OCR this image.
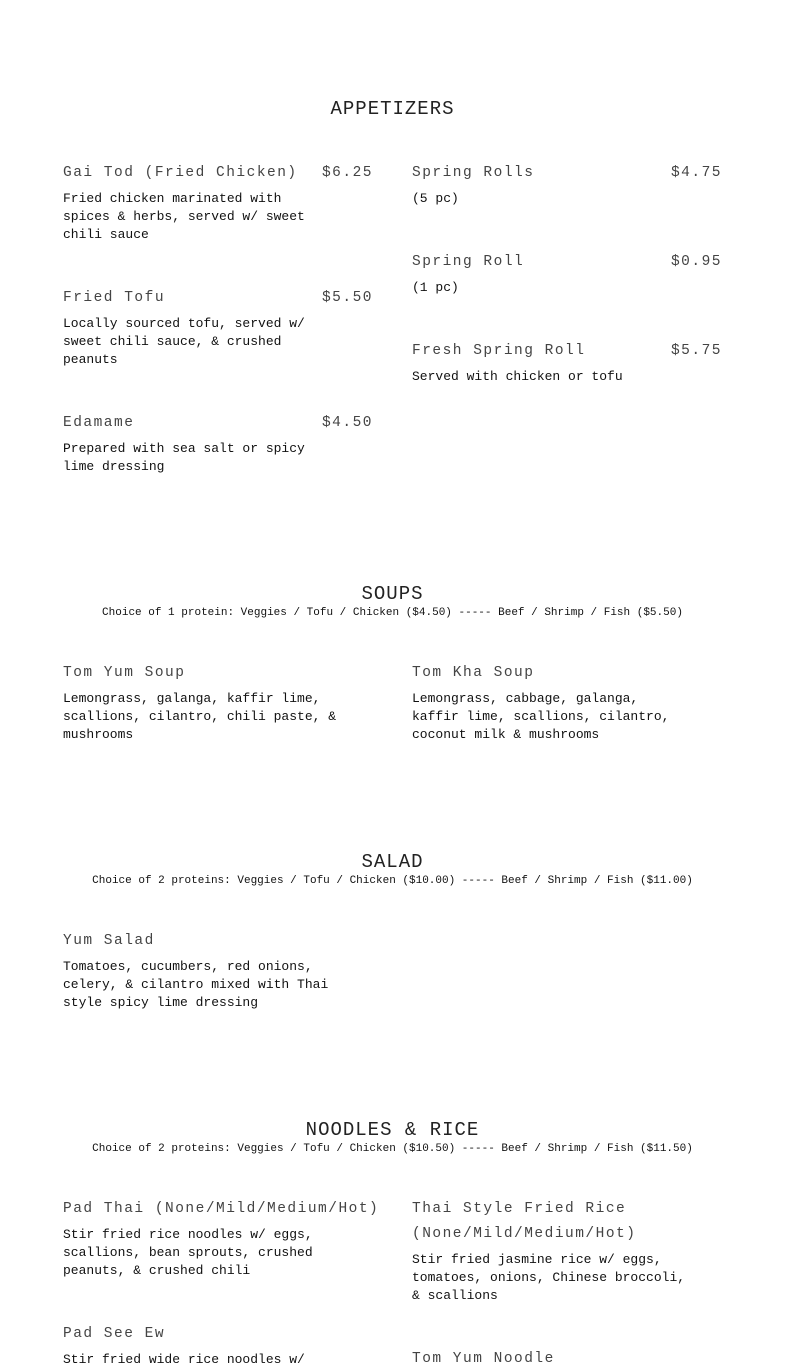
APPETIZERS
Gai Tod (Fried Chicken) $6.25
Fried chicken marinated with spices & herbs, served w/ sweet chili sauce
Fried Tofu	$5.50
Locally sourced tofu, served w/ sweet chili sauce, & crushed peanuts
Edamame	$4.50
Prepared with sea salt or spicy lime dressing
Spring Rolls	$4.75
(5 pc)
Spring Roll	$0.95
(1 pc)
Fresh Spring Roll	$5.75
Served with chicken or tofu
SOUPS
Choice of 1 protein: Veggies / Tofu / Chicken ($4.50) ----- Beef / Shrimp / Fish ($5.50)
Tom Yum Soup
Lemongrass, galanga, kaffir lime, scallions, cilantro, chili paste, & mushrooms
Tom Kha Soup
Lemongrass, cabbage, galanga, kaffir lime, scallions, cilantro, coconut milk & mushrooms
SALAD
Choice of 2 proteins: Veggies / Tofu / Chicken ($10.00) ----- Beef / Shrimp / Fish ($11.00)
Yum Salad
Tomatoes, cucumbers, red onions, celery, & cilantro mixed with Thai style spicy lime dressing
NOODLES & RICE
Choice of 2 proteins: Veggies / Tofu / Chicken ($10.50) ----- Beef / Shrimp / Fish ($11.50)
Pad Thai (None/Mild/Medium/Hot)
Stir fried rice noodles w/ eggs, scallions, bean sprouts, crushed peanuts, & crushed chili
Thai Style Fried Rice (None/Mild/Medium/Hot)
Stir fried jasmine rice w/ eggs, tomatoes, onions, Chinese broccoli, & scallions
Pad See Ew
Stir fried wide rice noodles w/	Tom Yum Noodle
